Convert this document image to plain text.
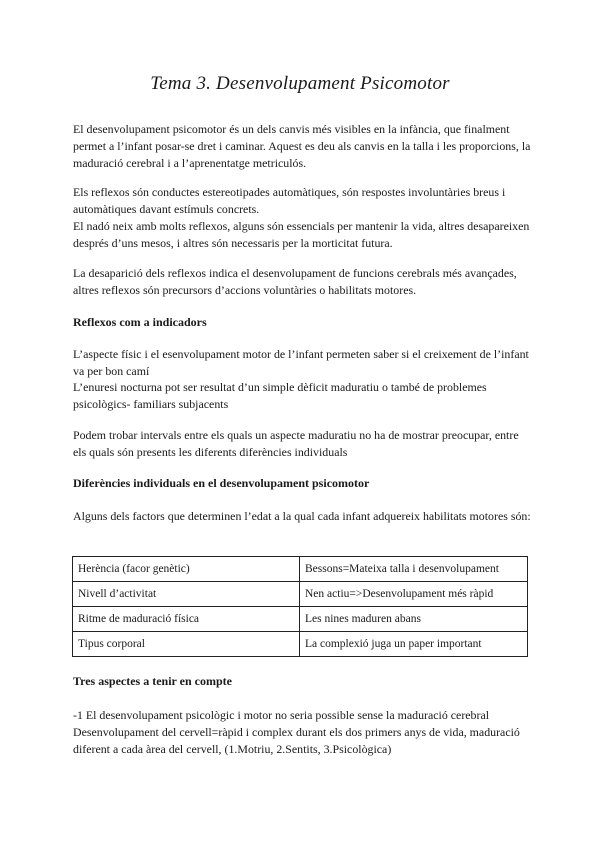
Tema 3. Desenvolupament Psicomotor

El desenvolupament psicomotor és un dels canvis més visibles en la infància, que finalment permet a l’infant posar-se dret i caminar. Aquest es deu als canvis en la talla i les proporcions, la maduració cerebral i a l’aprenentatge metriculós.

Els reflexos són conductes estereotipades automàtiques, són respostes involuntàries breus i automàtiques davant estímuls concrets.

El nadó neix amb molts reflexos, alguns són essencials per mantenir la vida, altres desapareixen després d’uns mesos, i altres són necessaris per la morticitat futura.

La desaparició dels reflexos indica el desenvolupament de funcions cerebrals més avançades, altres reflexos són precursors d’accions voluntàries o habilitats motores.

Reflexos com a indicadors

L’aspecte físic i el esenvolupament motor de l’infant permeten saber si el creixement de l’infant va per bon camí

L’enuresi nocturna pot ser resultat d’un simple dèficit maduratiu o també de problemes psicològics- familiars subjacents

Podem trobar intervals entre els quals un aspecte maduratiu no ha de mostrar preocupar, entre els quals són presents les diferents diferències individuals

Diferències individuals en el desenvolupament psicomotor

Alguns dels factors que determinen l’edat a la qual cada infant adquereix habilitats motores són:

Herència (facor genètic)	Bessons=Mateixa talla i desenvolupament
Nivell d’activitat	Nen actiu=>Desenvolupament més ràpid
Ritme de maduració física	Les nines maduren abans
Tipus corporal	La complexió juga un paper important
Tres aspectes a tenir en compte

-1 El desenvolupament psicològic i motor no seria possible sense la maduració cerebral

Desenvolupament del cervell=ràpid i complex durant els dos primers anys de vida, maduració diferent a cada àrea del cervell, (1.Motriu, 2.Sentits, 3.Psicològica)
